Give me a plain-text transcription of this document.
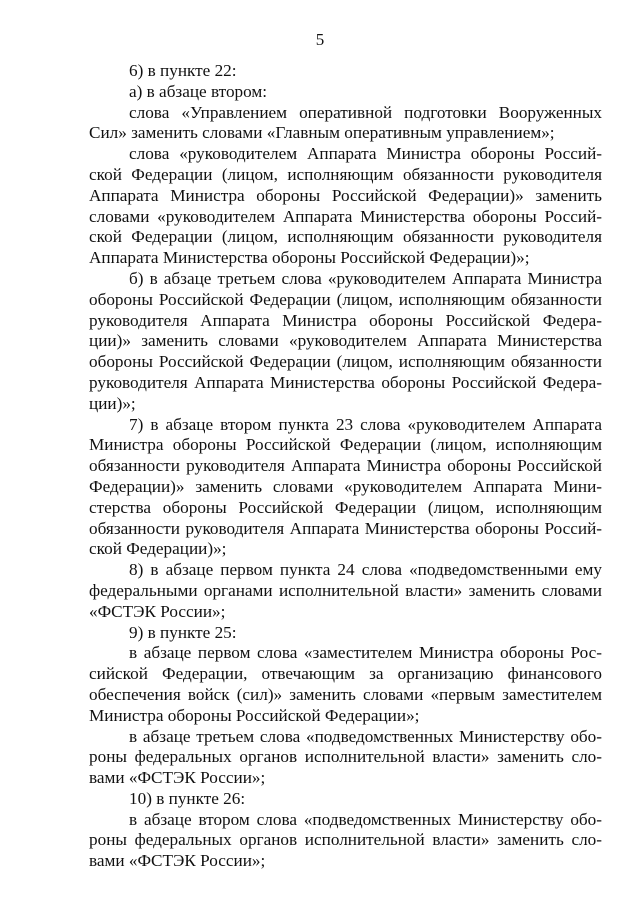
5
6) в пункте 22:
а) в абзаце втором:
слова «Управлением оперативной подготовки Вооруженных
Сил» заменить словами «Главным оперативным управлением»;
слова «руководителем Аппарата Министра обороны Россий-
ской Федерации (лицом, исполняющим обязанности руководителя
Аппарата Министра обороны Российской Федерации)» заменить
словами «руководителем Аппарата Министерства обороны Россий-
ской Федерации (лицом, исполняющим обязанности руководителя
Аппарата Министерства обороны Российской Федерации)»;
б) в абзаце третьем слова «руководителем Аппарата Министра
обороны Российской Федерации (лицом, исполняющим обязанности
руководителя Аппарата Министра обороны Российской Федера-
ции)» заменить словами «руководителем Аппарата Министерства
обороны Российской Федерации (лицом, исполняющим обязанности
руководителя Аппарата Министерства обороны Российской Федера-
ции)»;
7) в абзаце втором пункта 23 слова «руководителем Аппарата
Министра обороны Российской Федерации (лицом, исполняющим
обязанности руководителя Аппарата Министра обороны Российской
Федерации)» заменить словами «руководителем Аппарата Мини-
стерства обороны Российской Федерации (лицом, исполняющим
обязанности руководителя Аппарата Министерства обороны Россий-
ской Федерации)»;
8) в абзаце первом пункта 24 слова «подведомственными ему
федеральными органами исполнительной власти» заменить словами
«ФСТЭК России»;
9) в пункте 25:
в абзаце первом слова «заместителем Министра обороны Рос-
сийской Федерации, отвечающим за организацию финансового
обеспечения войск (сил)» заменить словами «первым заместителем
Министра обороны Российской Федерации»;
в абзаце третьем слова «подведомственных Министерству обо-
роны федеральных органов исполнительной власти» заменить сло-
вами «ФСТЭК России»;
10) в пункте 26:
в абзаце втором слова «подведомственных Министерству обо-
роны федеральных органов исполнительной власти» заменить сло-
вами «ФСТЭК России»;
